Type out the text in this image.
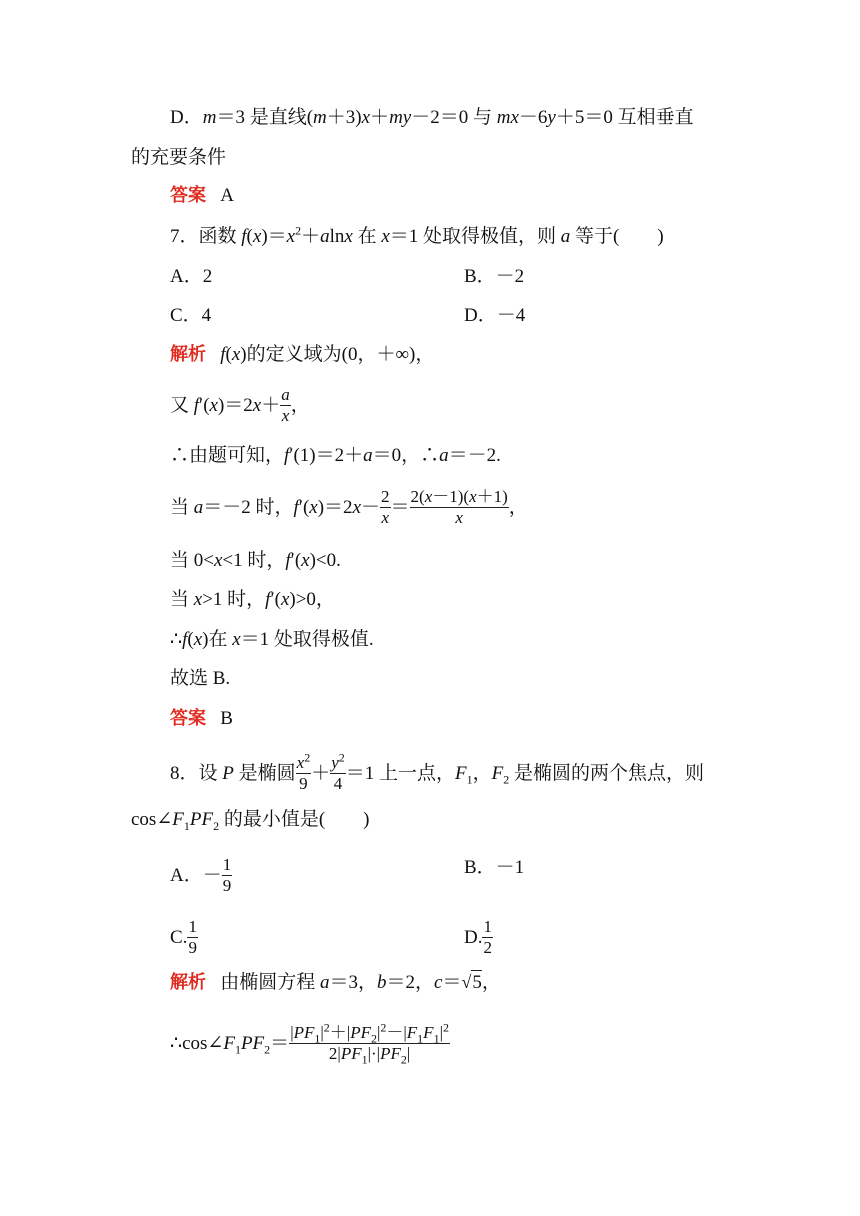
D．m＝3 是直线(m＋3)x＋my－2＝0 与 mx－6y＋5＝0 互相垂直
的充要条件
答案 A
7．函数 $f(x)=x^2+alnx$ 在 x＝1 处取得极值，则 a 等于(　　)
A．2	B．－2
C．4	D．－4
解析 f(x)的定义域为(0，＋∞)，
又 $f'(x)=2x+ \frac{a}{x}$ ，
∴由题可知，f′(1)＝2＋a＝0，∴a＝－2.
当 a＝－2 时，$f'(x)=2x- \frac{2}{x} = \frac{2(x-1)(x+1)}{x}$ ，
当 0<x<1 时，f′(x)<0.
当 x>1 时，f′(x)>0，
∴f(x)在 x＝1 处取得极值.
故选 B.
答案 B
8．设 P 是椭圆 $\frac{x^2}{9} + \frac{y^2}{4} =1$ 上一点，$F_1$，$F_2$ 是椭圆的两个焦点，则
$\cos\angle F_1PF_2$ 的最小值是(　　)
A．－ $\frac{1}{9}$	B．－1
C. $\frac{1}{9}$	D. $\frac{1}{2}$
解析   由椭圆方程 a＝3，b＝2，c＝√5，
$\therefore\cos\angle F_1PF_2= \frac{|PF_1|^2+|PF_2|^2-|F_1F_1|^2}{2|PF_1|\cdot|PF_2|}$
